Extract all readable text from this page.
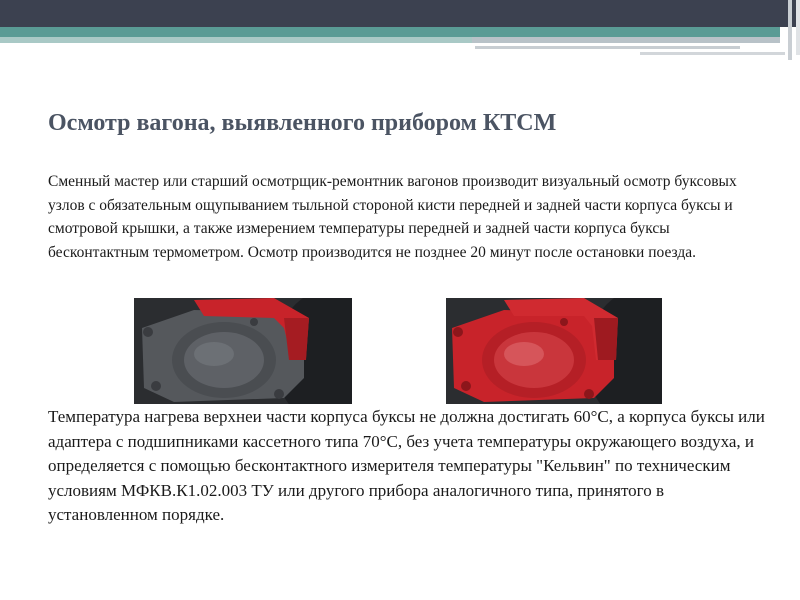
Осмотр вагона, выявленного прибором КТСМ

Сменный мастер или старший осмотрщик-ремонтник вагонов производит визуальный осмотр буксовых узлов с обязательным ощупыванием тыльной стороной кисти передней и задней части корпуса буксы и смотровой крышки, а также измерением температуры передней и задней части корпуса буксы бесконтактным термометром. Осмотр производится не позднее 20 минут после остановки поезда.

Температура нагрева верхнеи части корпуса буксы не должна достигать 60°С, а корпуса буксы или адаптера с подшипниками кассетного типа 70°С, без учета температуры окружающего воздуха, и определяется с помощью бесконтактного измерителя температуры "Кельвин" по техническим условиям МФКВ.К1.02.003 ТУ или другого прибора аналогичного типа, принятого в установленном порядке.
